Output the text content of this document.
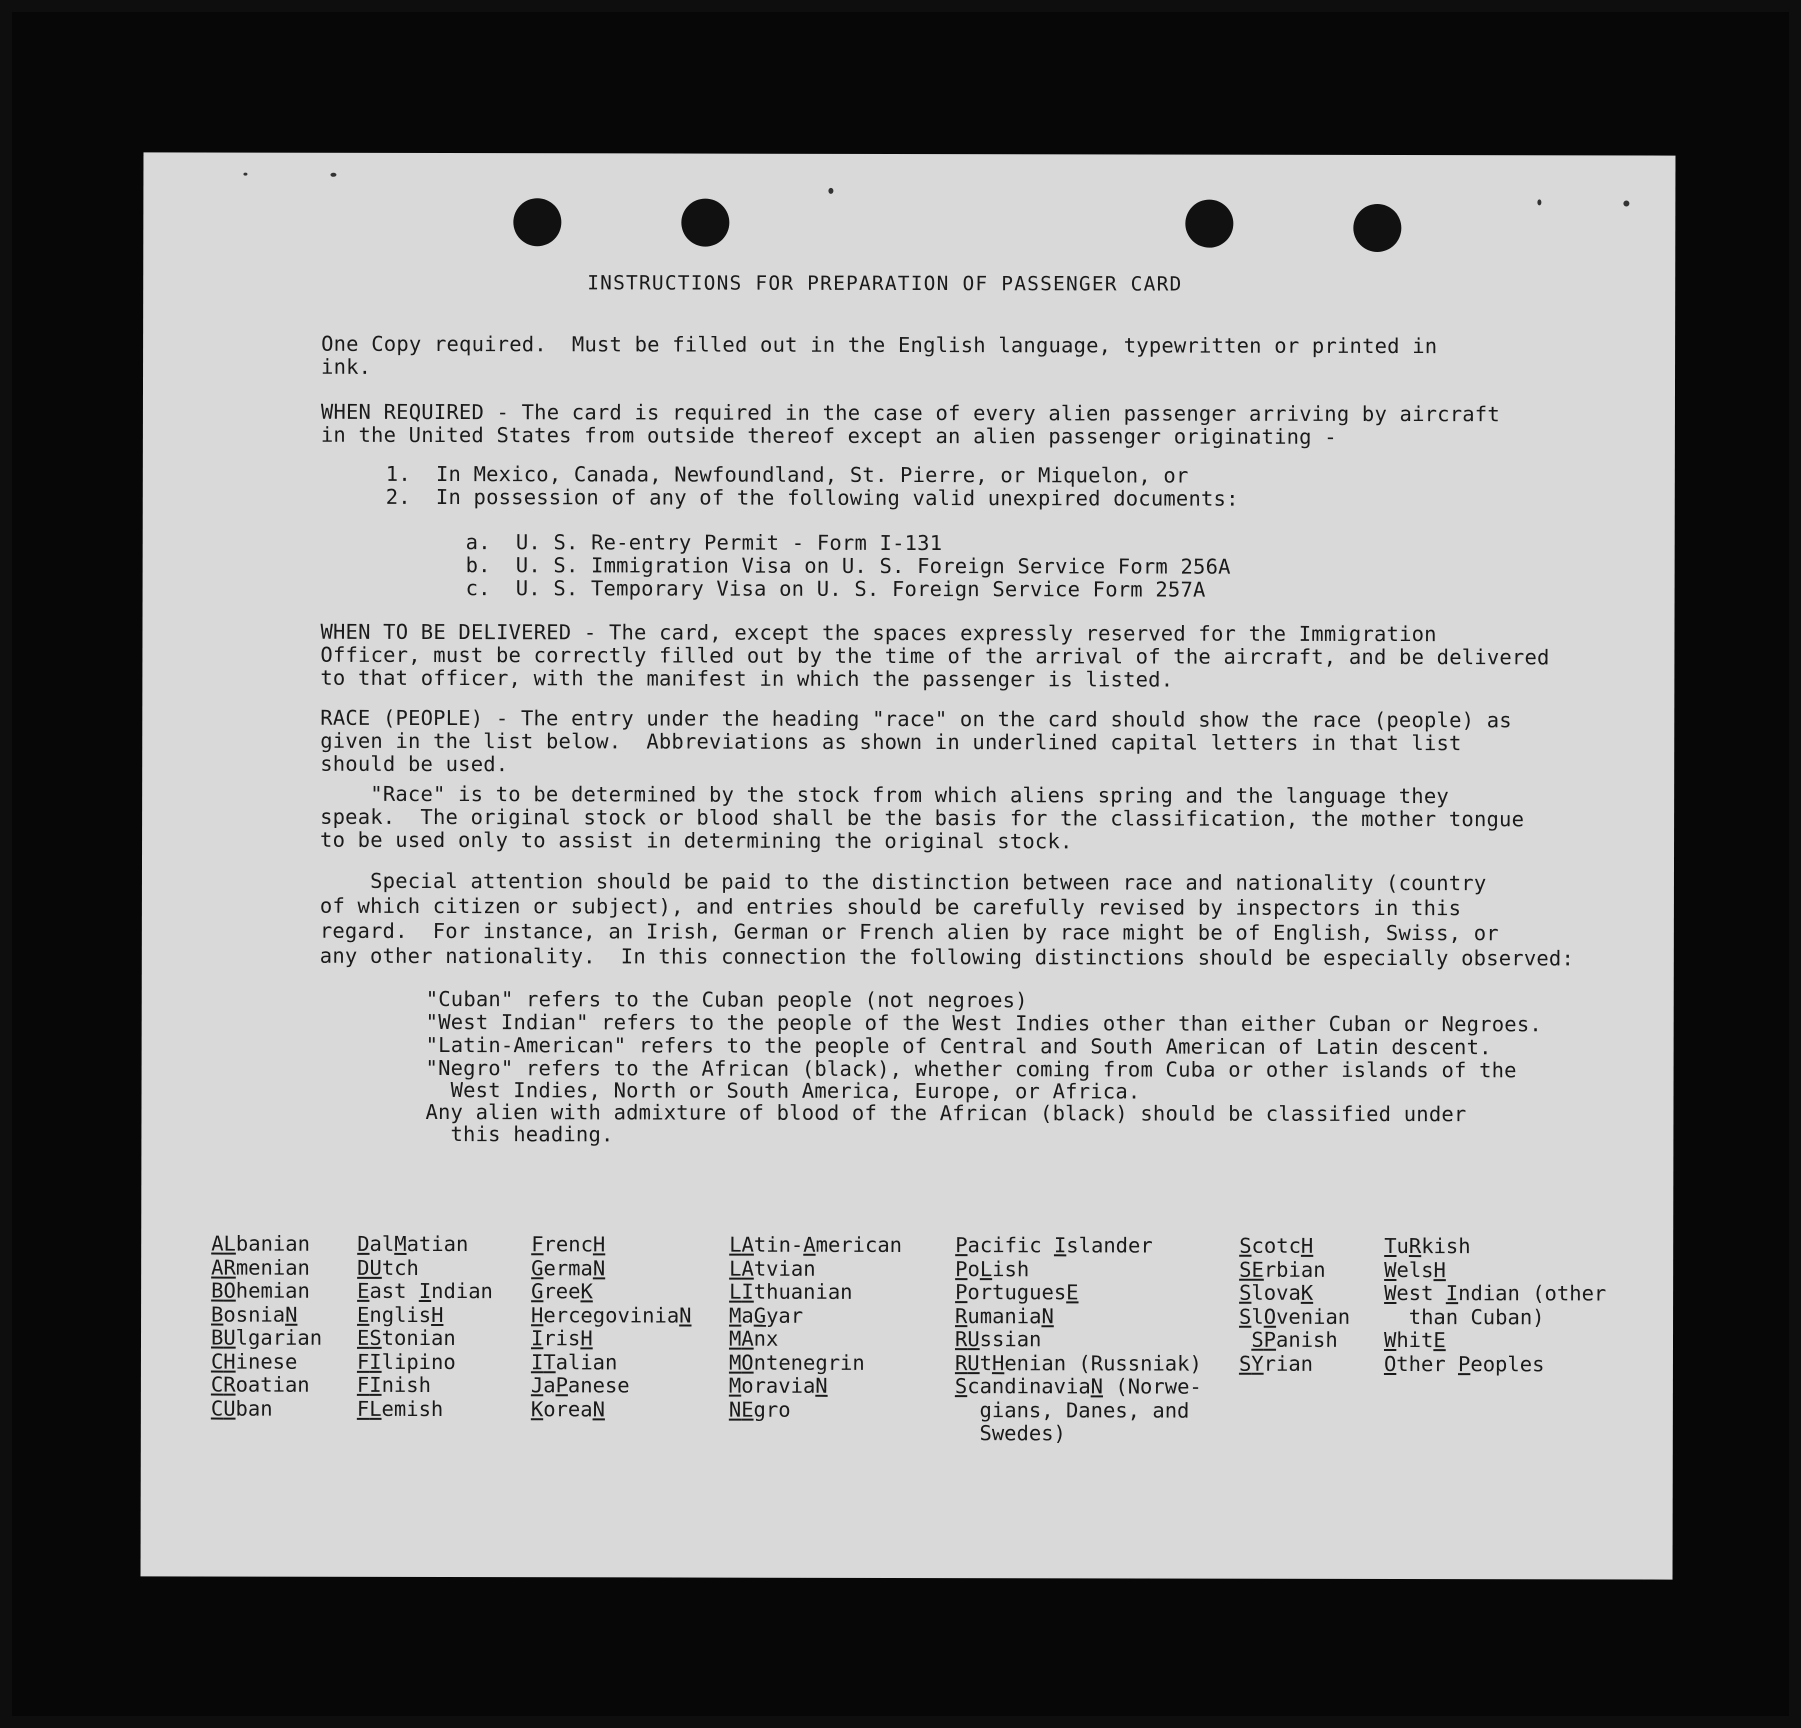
INSTRUCTIONS FOR PREPARATION OF PASSENGER CARD
One Copy required.  Must be filled out in the English language, typewritten or printed in
ink.
WHEN REQUIRED - The card is required in the case of every alien passenger arriving by aircraft
in the United States from outside thereof except an alien passenger originating -
1.  In Mexico, Canada, Newfoundland, St. Pierre, or Miquelon, or
2.  In possession of any of the following valid unexpired documents:
a.  U. S. Re-entry Permit - Form I-131
b.  U. S. Immigration Visa on U. S. Foreign Service Form 256A
c.  U. S. Temporary Visa on U. S. Foreign Service Form 257A
WHEN TO BE DELIVERED - The card, except the spaces expressly reserved for the Immigration
Officer, must be correctly filled out by the time of the arrival of the aircraft, and be delivered
to that officer, with the manifest in which the passenger is listed.
RACE (PEOPLE) - The entry under the heading "race" on the card should show the race (people) as
given in the list below.  Abbreviations as shown in underlined capital letters in that list
should be used.
"Race" is to be determined by the stock from which aliens spring and the language they
speak.  The original stock or blood shall be the basis for the classification, the mother tongue
to be used only to assist in determining the original stock.
Special attention should be paid to the distinction between race and nationality (country
of which citizen or subject), and entries should be carefully revised by inspectors in this
regard.  For instance, an Irish, German or French alien by race might be of English, Swiss, or
any other nationality.  In this connection the following distinctions should be especially observed:
"Cuban" refers to the Cuban people (not negroes)
"West Indian" refers to the people of the West Indies other than either Cuban or Negroes.
"Latin-American" refers to the people of Central and South American of Latin descent.
"Negro" refers to the African (black), whether coming from Cuba or other islands of the
West Indies, North or South America, Europe, or Africa.
Any alien with admixture of blood of the African (black) should be classified under
this heading.
ALbanian
ARmenian
BOhemian
BosniaN
BUlgarian
CHinese
CRoatian
CUban
DalMatian
DUtch
East Indian
EnglisH
EStonian
FIlipino
FInish
FLemish
FrencH
GermaN
GreeK
HercegoviniaN
IrisH
ITalian
JaPanese
KoreaN
LAtin-American
LAtvian
LIthuanian
MaGyar
MAnx
MOntenegrin
MoraviaN
NEgro
Pacific Islander
PoLish
PortuguesE
RumaniaN
RUssian
RUtHenian (Russniak)
ScandinaviaN (Norwe-
gians, Danes, and
Swedes)
ScotcH
SErbian
SlovaK
SlOvenian
SPanish
SYrian
TuRkish
WelsH
West Indian (other
than Cuban)
WhitE
Other Peoples
